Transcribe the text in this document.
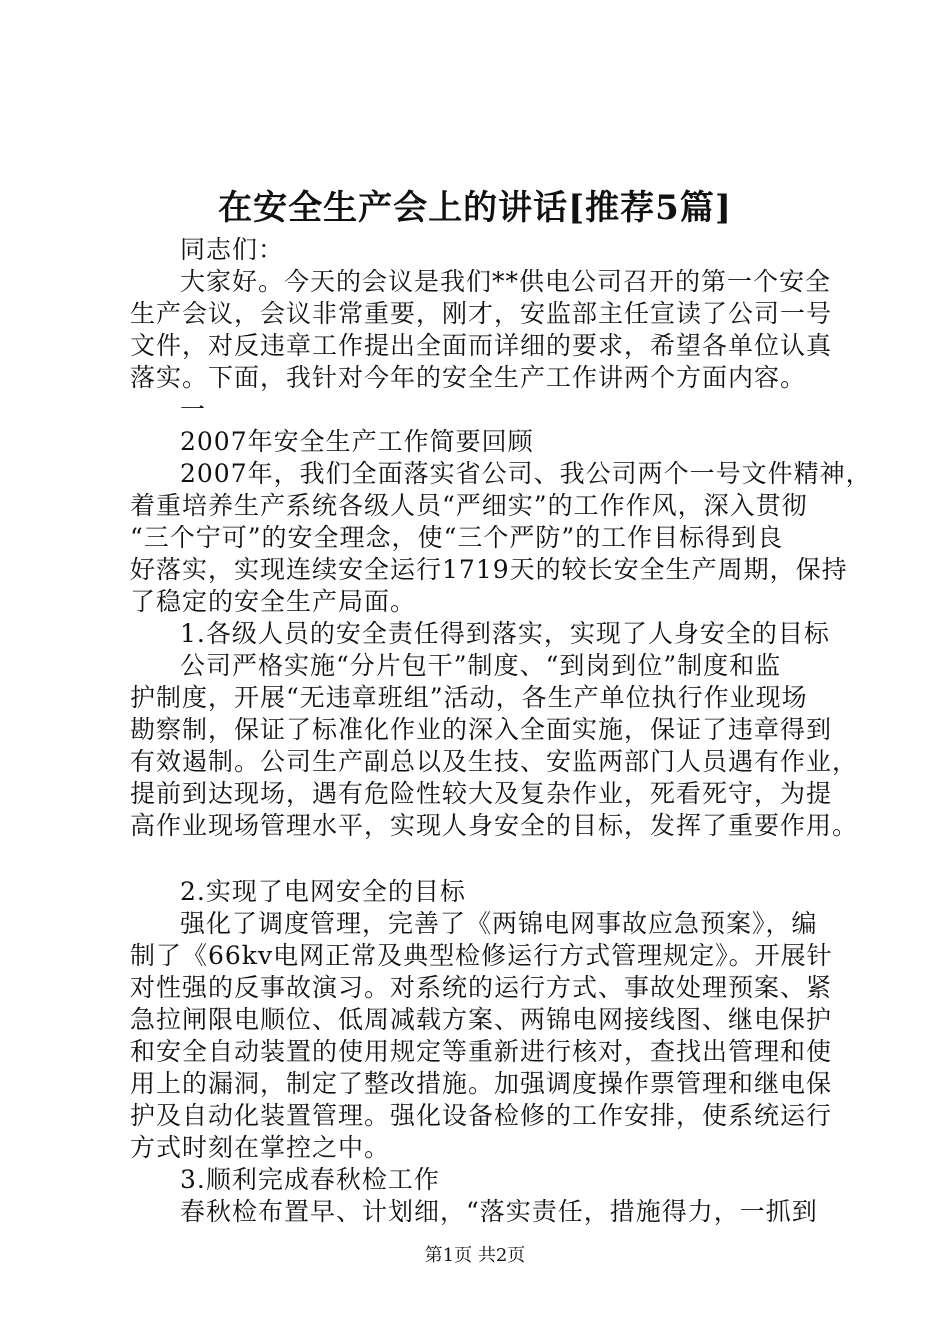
在安全生产会上的讲话[推荐5篇]
同志们：
大家好。今天的会议是我们**供电公司召开的第一个安全
生产会议，会议非常重要，刚才，安监部主任宣读了公司一号
文件，对反违章工作提出全面而详细的要求，希望各单位认真
落实。下面，我针对今年的安全生产工作讲两个方面内容。
一
2007年安全生产工作简要回顾
2007年，我们全面落实省公司、我公司两个一号文件精神，
着重培养生产系统各级人员“严细实”的工作作风，深入贯彻
“三个宁可”的安全理念，使“三个严防”的工作目标得到良
好落实，实现连续安全运行1719天的较长安全生产周期，保持
了稳定的安全生产局面。
1.各级人员的安全责任得到落实，实现了人身安全的目标
公司严格实施“分片包干”制度、“到岗到位”制度和监
护制度，开展“无违章班组”活动，各生产单位执行作业现场
勘察制，保证了标准化作业的深入全面实施，保证了违章得到
有效遏制。公司生产副总以及生技、安监两部门人员遇有作业，
提前到达现场，遇有危险性较大及复杂作业，死看死守，为提
高作业现场管理水平，实现人身安全的目标，发挥了重要作用。
2.实现了电网安全的目标
强化了调度管理，完善了《两锦电网事故应急预案》，编
制了《66kv电网正常及典型检修运行方式管理规定》。开展针
对性强的反事故演习。对系统的运行方式、事故处理预案、紧
急拉闸限电顺位、低周减载方案、两锦电网接线图、继电保护
和安全自动装置的使用规定等重新进行核对，查找出管理和使
用上的漏洞，制定了整改措施。加强调度操作票管理和继电保
护及自动化装置管理。强化设备检修的工作安排，使系统运行
方式时刻在掌控之中。
3.顺利完成春秋检工作
春秋检布置早、计划细，“落实责任，措施得力，一抓到
第1页 共2页
